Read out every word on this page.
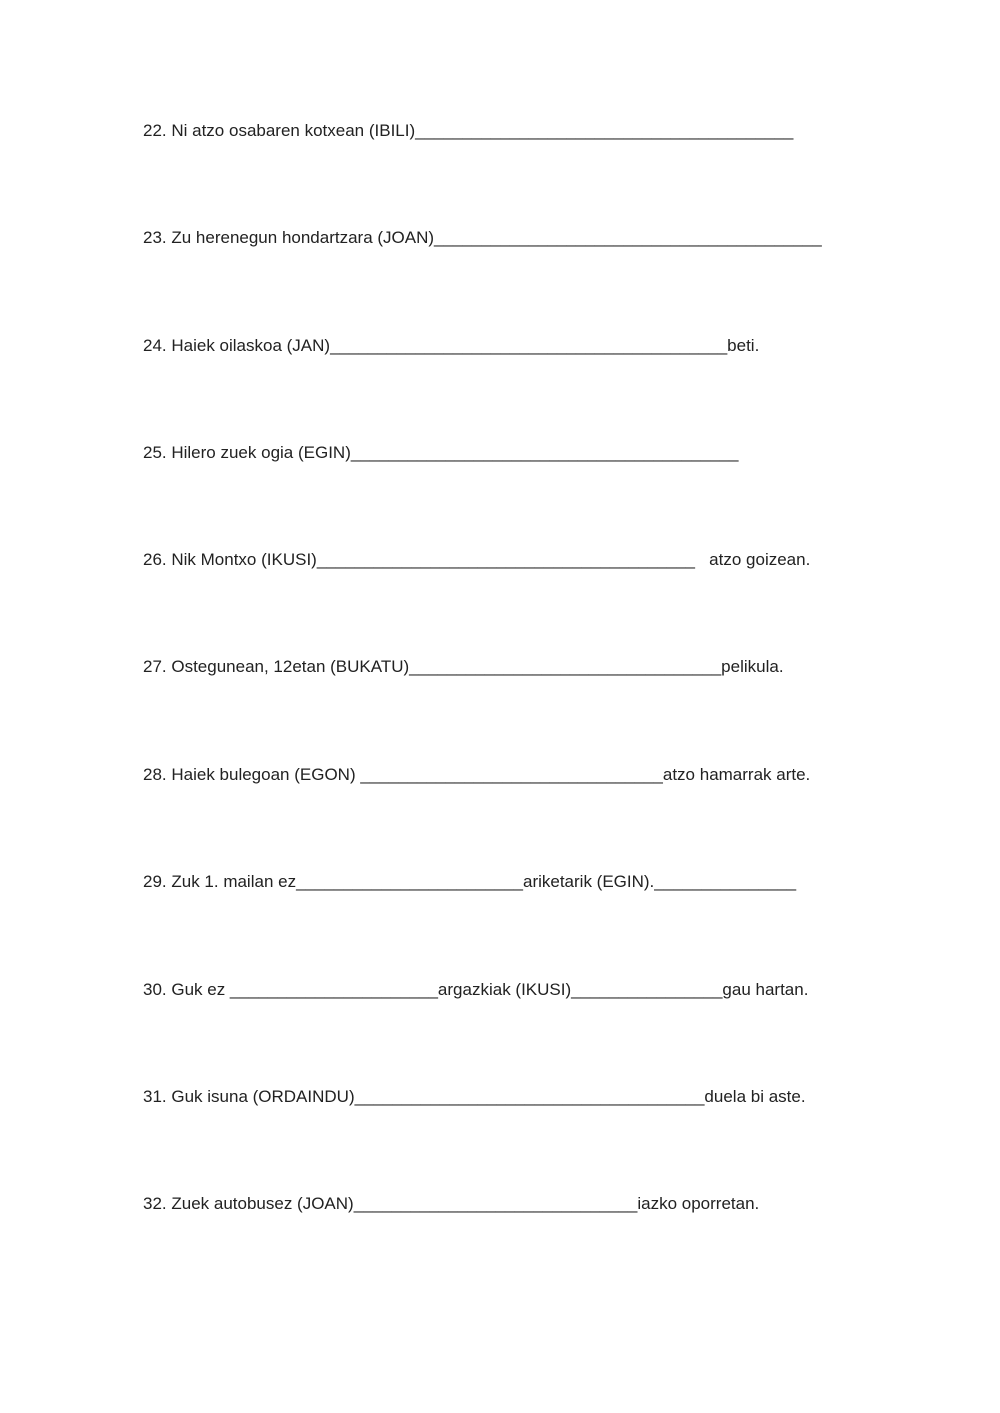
22. Ni atzo osabaren kotxean (IBILI)________________________________________
23. Zu herenegun hondartzara (JOAN)_________________________________________
24. Haiek oilaskoa (JAN)__________________________________________beti.
25. Hilero zuek ogia (EGIN)_________________________________________
26. Nik Montxo (IKUSI)________________________________________   atzo goizean.
27. Ostegunean, 12etan (BUKATU)_________________________________pelikula.
28. Haiek bulegoan (EGON) ________________________________atzo hamarrak arte.
29. Zuk 1. mailan ez________________________ariketarik (EGIN)._______________
30. Guk ez ______________________argazkiak (IKUSI)________________gau hartan.
31. Guk isuna (ORDAINDU)_____________________________________duela bi aste.
32. Zuek autobusez (JOAN)______________________________iazko oporretan.
